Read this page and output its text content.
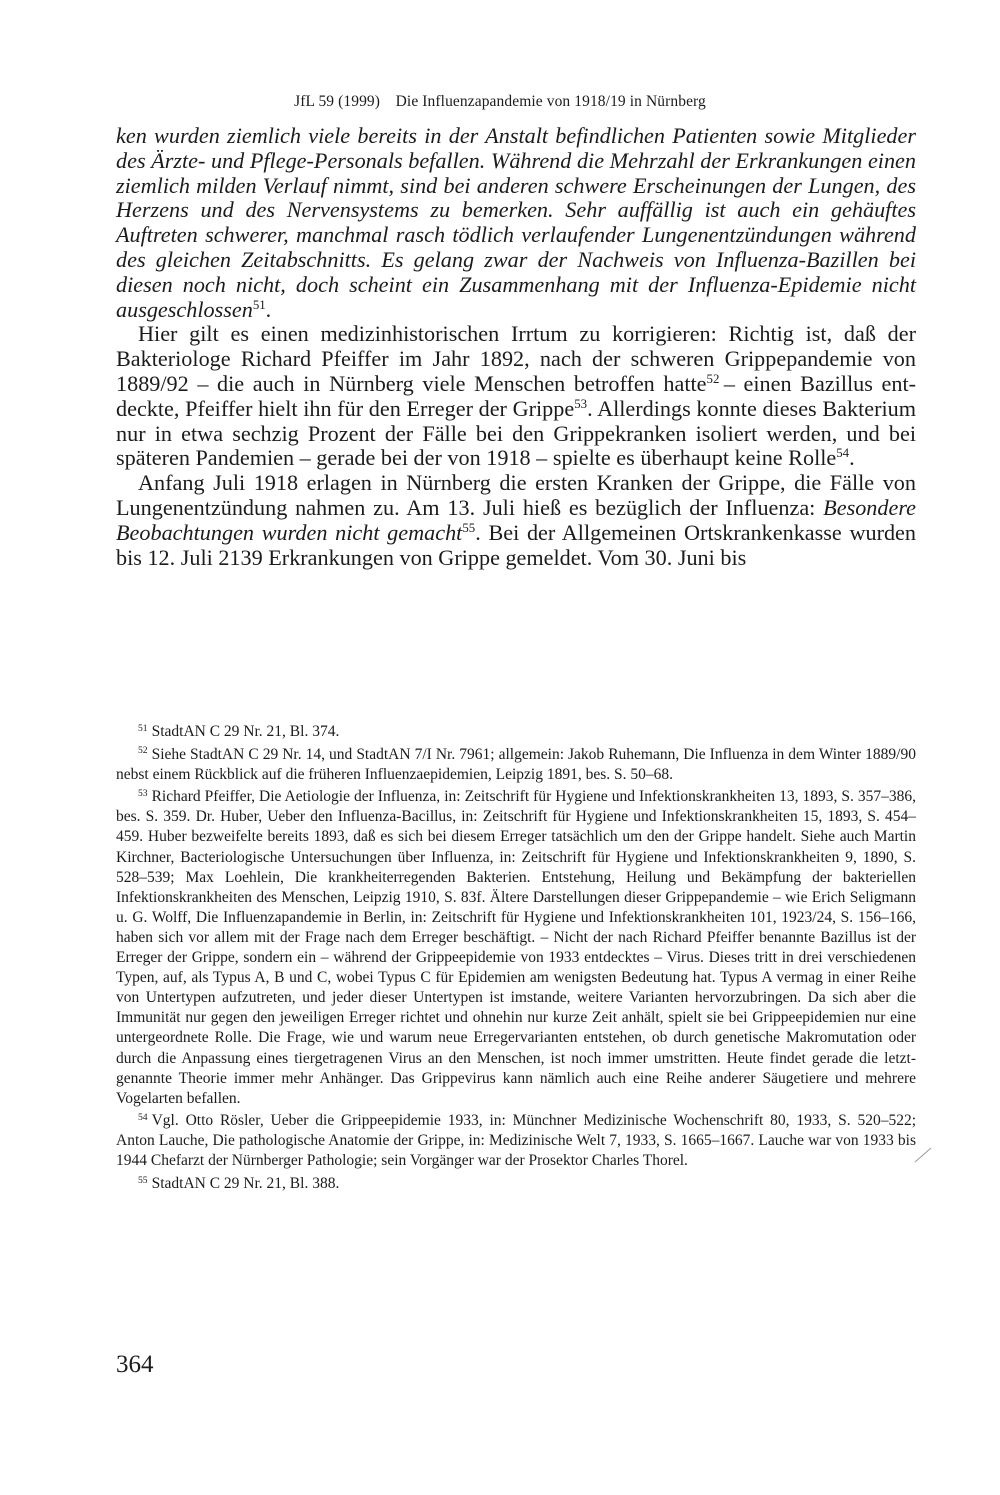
JfL 59 (1999) Die Influenzapandemie von 1918/19 in Nürnberg

ken wurden ziemlich viele bereits in der Anstalt befindlichen Patienten sowie Mitglieder des Ärzte- und Pflege-Personals befallen. Während die Mehrzahl der Erkrankungen einen ziemlich milden Verlauf nimmt, sind bei anderen schwere Erscheinungen der Lungen, des Herzens und des Nervensystems zu bemerken. Sehr auffällig ist auch ein gehäuftes Auftreten schwerer, manchmal rasch tödlich verlaufender Lungenentzündungen während des gleichen Zeitabschnitts. Es gelang zwar der Nachweis von Influenza-Bazillen bei diesen noch nicht, doch scheint ein Zusammenhang mit der Influenza-Epidemie nicht ausgeschlossen$^{51}$.

Hier gilt es einen medizinhistorischen Irrtum zu korrigieren: Richtig ist, daß der Bakteriologe Richard Pfeiffer im Jahr 1892, nach der schweren Grippepandemie von 1889/92 – die auch in Nürnberg viele Menschen betroffen hatte$^{52}$ – einen Bazillus entdeckte, Pfeiffer hielt ihn für den Erreger der Grippe$^{53}$. Allerdings konnte dieses Bakterium nur in etwa sechzig Prozent der Fälle bei den Grippekranken isoliert werden, und bei späteren Pandemien – gerade bei der von 1918 – spielte es überhaupt keine Rolle$^{54}$.

Anfang Juli 1918 erlagen in Nürnberg die ersten Kranken der Grippe, die Fälle von Lungenentzündung nahmen zu. Am 13. Juli hieß es bezüglich der Influenza: Besondere Beobachtungen wurden nicht gemacht$^{55}$. Bei der Allgemeinen Ortskrankenkasse wurden bis 12. Juli 2139 Erkrankungen von Grippe gemeldet. Vom 30. Juni bis

$^{51}$ StadtAN C 29 Nr. 21, Bl. 374.

$^{52}$ Siehe StadtAN C 29 Nr. 14, und StadtAN 7/I Nr. 7961; allgemein: Jakob Ruhemann, Die Influenza in dem Winter 1889/90 nebst einem Rückblick auf die früheren Influenzaepidemien, Leipzig 1891, bes. S. 50–68.

$^{53}$ Richard Pfeiffer, Die Aetiologie der Influenza, in: Zeitschrift für Hygiene und Infektionskrankheiten 13, 1893, S. 357–386, bes. S. 359. Dr. Huber, Ueber den Influenza-Bacillus, in: Zeitschrift für Hygiene und Infektionskrankheiten 15, 1893, S. 454–459. Huber bezweifelte bereits 1893, daß es sich bei diesem Erreger tatsächlich um den der Grippe handelt. Siehe auch Martin Kirchner, Bacteriologische Untersuchungen über Influenza, in: Zeitschrift für Hygiene und Infektionskrankheiten 9, 1890, S. 528–539; Max Loehlein, Die krankheiterregenden Bakterien. Entstehung, Heilung und Bekämpfung der bakteriellen Infektionskrankheiten des Menschen, Leipzig 1910, S. 83f. Ältere Darstellungen dieser Grippepandemie – wie Erich Seligmann u. G. Wolff, Die Influenzapandemie in Berlin, in: Zeitschrift für Hygiene und Infektionskrankheiten 101, 1923/24, S. 156–166, haben sich vor allem mit der Frage nach dem Erreger beschäftigt. – Nicht der nach Richard Pfeiffer benannte Bazillus ist der Erreger der Grippe, sondern ein – während der Grippeepidemie von 1933 entdecktes – Virus. Dieses tritt in drei verschiedenen Typen, auf, als Typus A, B und C, wobei Typus C für Epidemien am wenigsten Bedeutung hat. Typus A vermag in einer Reihe von Untertypen aufzutreten, und jeder dieser Untertypen ist imstande, weitere Varianten hervorzubringen. Da sich aber die Immunität nur gegen den jeweiligen Erreger richtet und ohnehin nur kurze Zeit anhält, spielt sie bei Grippeepidemien nur eine untergeordnete Rolle. Die Frage, wie und warum neue Erregervarianten entstehen, ob durch genetische Makromutation oder durch die Anpassung eines tiergetragenen Virus an den Menschen, ist noch immer umstritten. Heute findet gerade die letztgenannte Theorie immer mehr Anhänger. Das Grippevirus kann nämlich auch eine Reihe anderer Säugetiere und mehrere Vogelarten befallen.

$^{54}$ Vgl. Otto Rösler, Ueber die Grippeepidemie 1933, in: Münchner Medizinische Wochenschrift 80, 1933, S. 520–522; Anton Lauche, Die pathologische Anatomie der Grippe, in: Medizinische Welt 7, 1933, S. 1665–1667. Lauche war von 1933 bis 1944 Chefarzt der Nürnberger Pathologie; sein Vorgänger war der Prosektor Charles Thorel.

$^{55}$ StadtAN C 29 Nr. 21, Bl. 388.

364
